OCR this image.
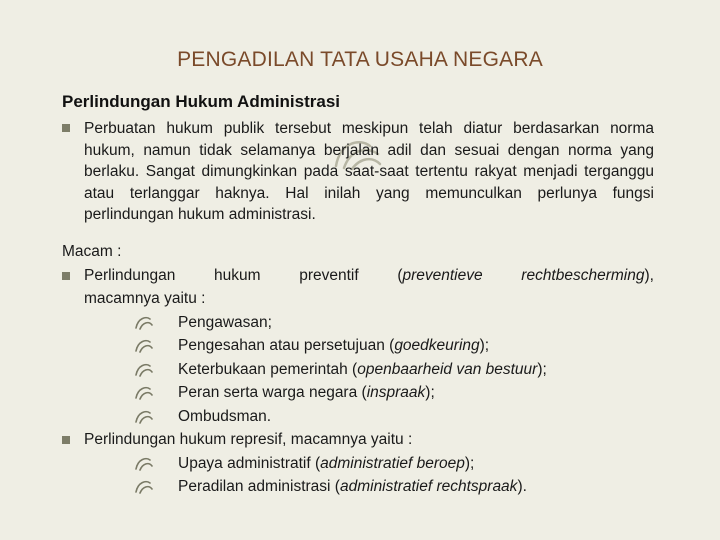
PENGADILAN TATA USAHA NEGARA
Perlindungan Hukum Administrasi
Perbuatan hukum publik tersebut meskipun telah diatur berdasarkan norma hukum, namun tidak selamanya berjalan adil dan sesuai dengan norma yang berlaku. Sangat dimungkinkan pada saat-saat tertentu rakyat menjadi terganggu atau terlanggar haknya. Hal inilah yang memunculkan perlunya fungsi perlindungan hukum administrasi.
Macam :
Perlindungan hukum preventif (preventieve rechtbescherming),
macamnya yaitu :
Pengawasan;
Pengesahan atau persetujuan (goedkeuring);
Keterbukaan pemerintah (openbaarheid van bestuur);
Peran serta warga negara (inspraak);
Ombudsman.
Perlindungan hukum represif, macamnya yaitu :
Upaya administratif (administratief beroep);
Peradilan administrasi (administratief rechtspraak).
